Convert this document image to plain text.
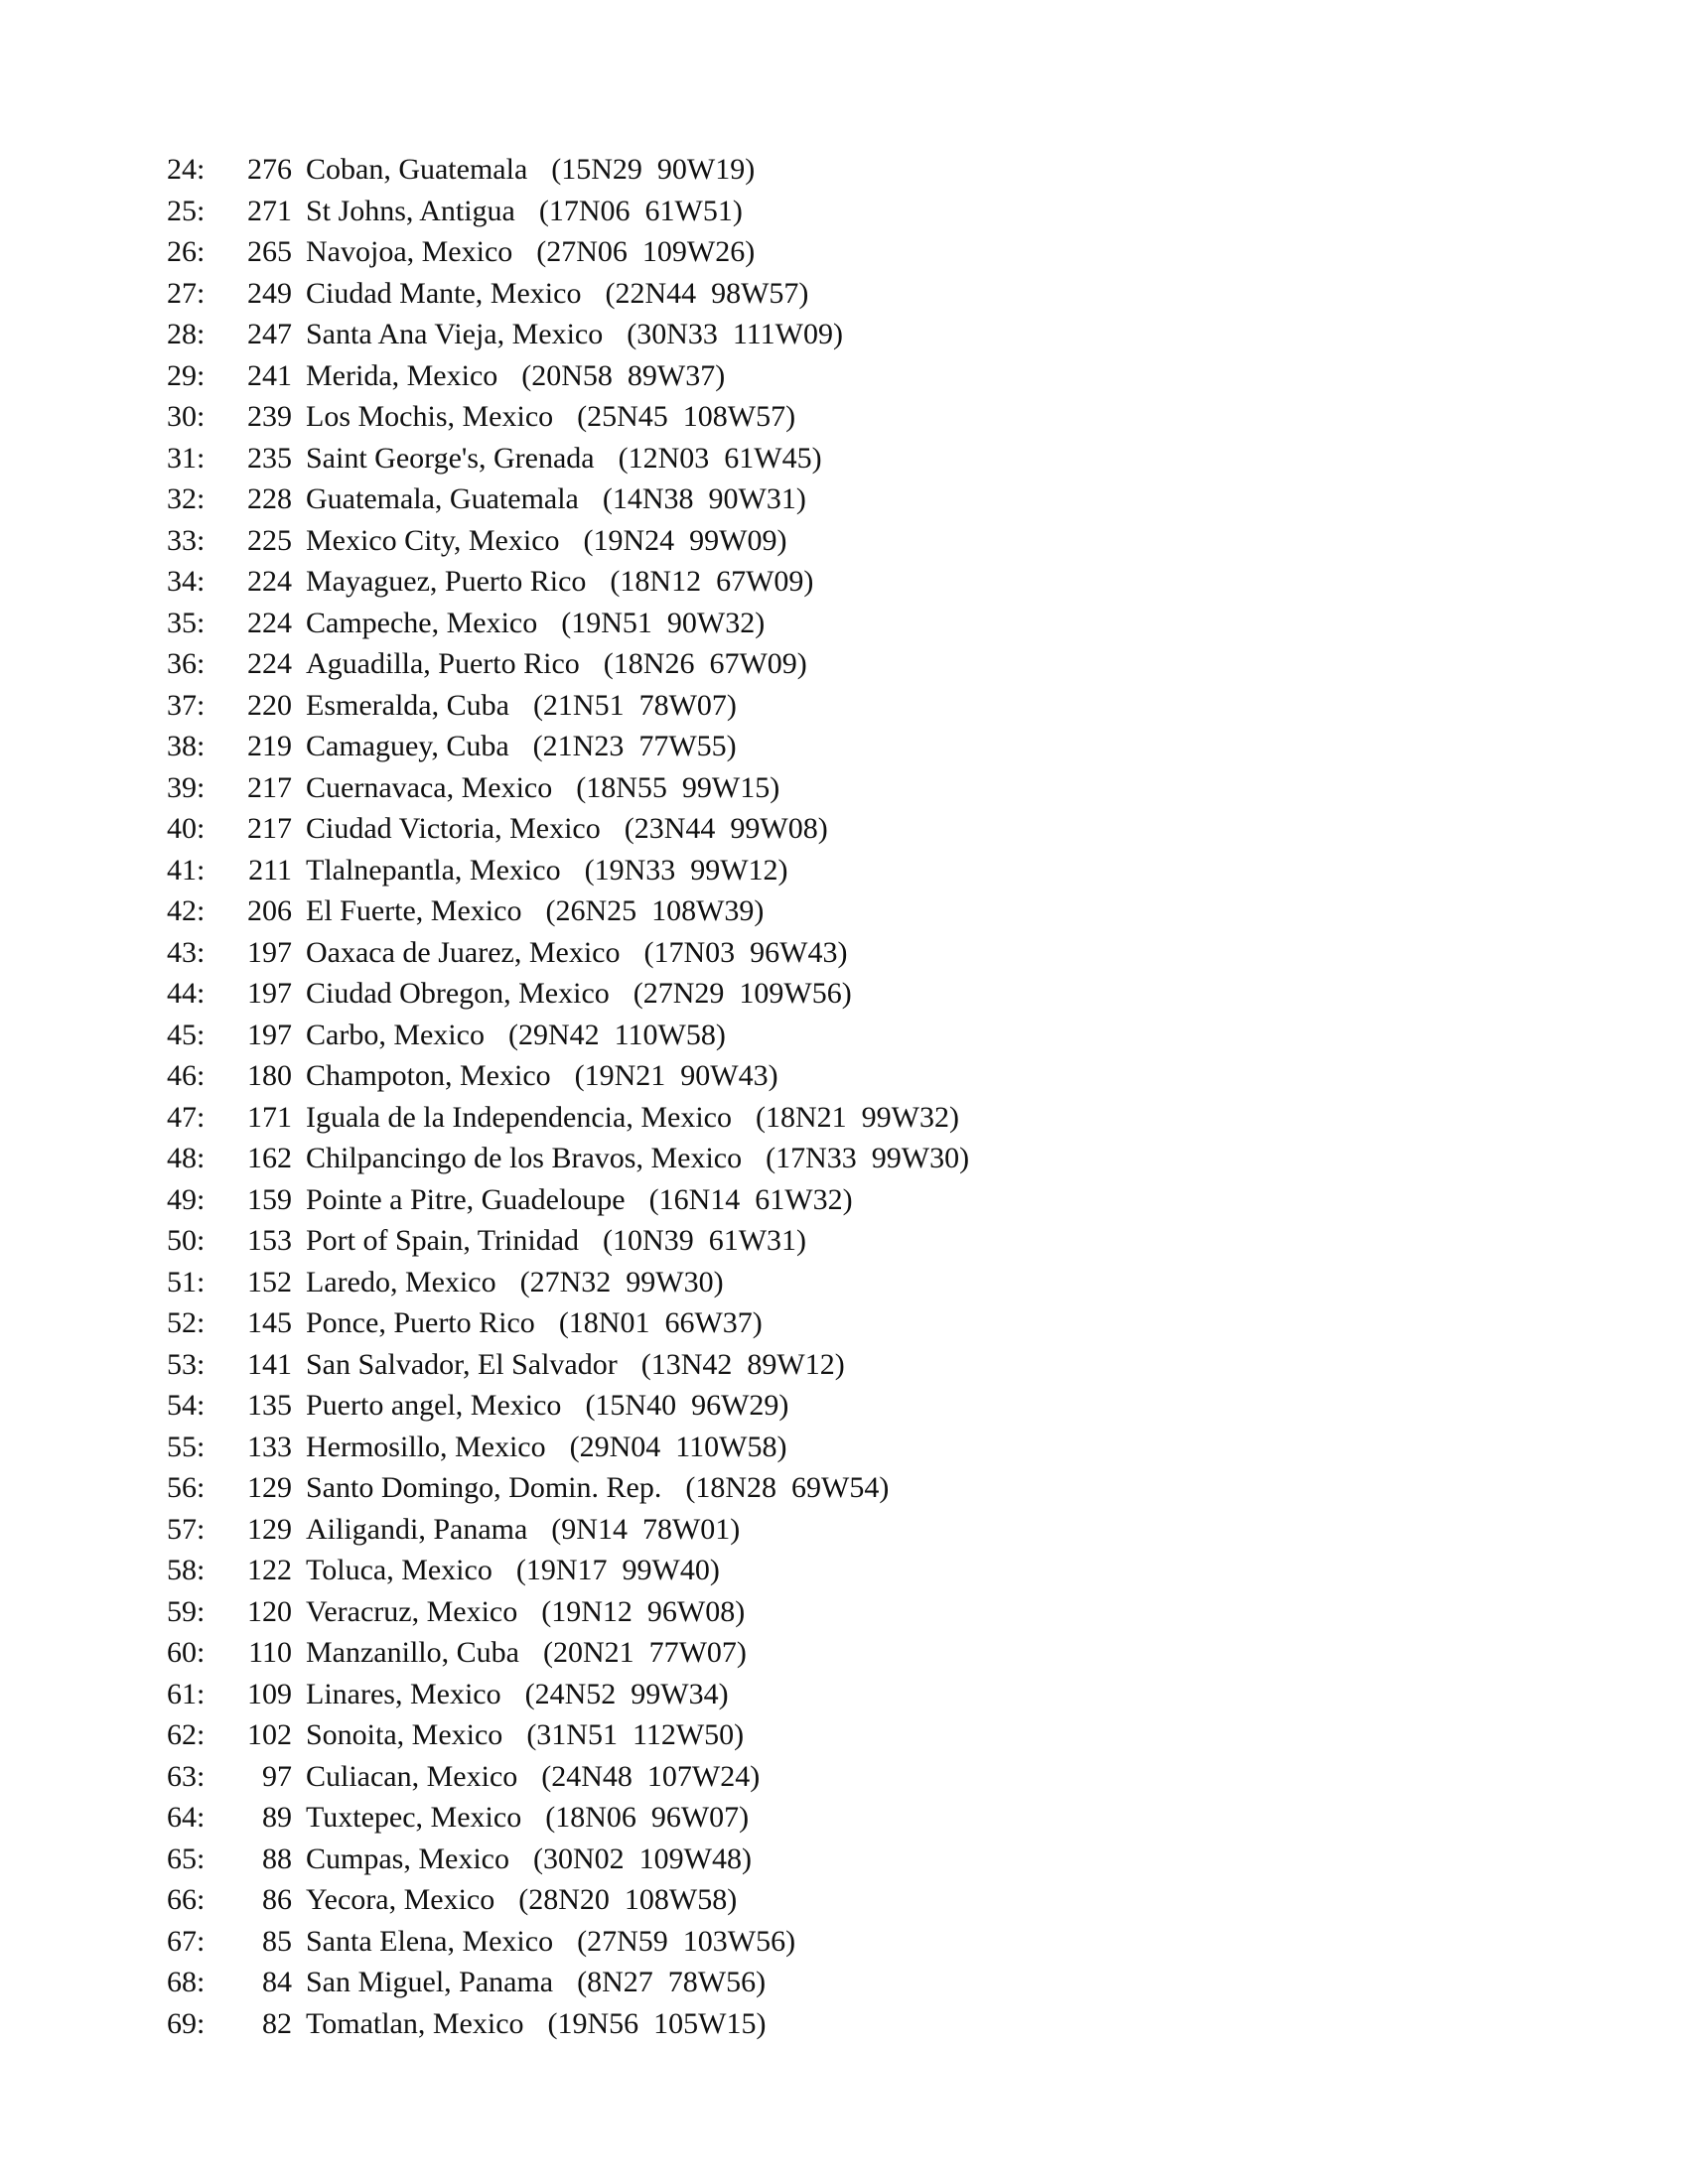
24: 276 Coban, Guatemala (15N29  90W19)
25: 271 St Johns, Antigua (17N06  61W51)
26: 265 Navojoa, Mexico (27N06  109W26)
27: 249 Ciudad Mante, Mexico (22N44  98W57)
28: 247 Santa Ana Vieja, Mexico (30N33  111W09)
29: 241 Merida, Mexico (20N58  89W37)
30: 239 Los Mochis, Mexico (25N45  108W57)
31: 235 Saint George's, Grenada (12N03  61W45)
32: 228 Guatemala, Guatemala (14N38  90W31)
33: 225 Mexico City, Mexico (19N24  99W09)
34: 224 Mayaguez, Puerto Rico (18N12  67W09)
35: 224 Campeche, Mexico (19N51  90W32)
36: 224 Aguadilla, Puerto Rico (18N26  67W09)
37: 220 Esmeralda, Cuba (21N51  78W07)
38: 219 Camaguey, Cuba (21N23  77W55)
39: 217 Cuernavaca, Mexico (18N55  99W15)
40: 217 Ciudad Victoria, Mexico (23N44  99W08)
41: 211 Tlalnepantla, Mexico (19N33  99W12)
42: 206 El Fuerte, Mexico (26N25  108W39)
43: 197 Oaxaca de Juarez, Mexico (17N03  96W43)
44: 197 Ciudad Obregon, Mexico (27N29  109W56)
45: 197 Carbo, Mexico (29N42  110W58)
46: 180 Champoton, Mexico (19N21  90W43)
47: 171 Iguala de la Independencia, Mexico (18N21  99W32)
48: 162 Chilpancingo de los Bravos, Mexico (17N33  99W30)
49: 159 Pointe a Pitre, Guadeloupe (16N14  61W32)
50: 153 Port of Spain, Trinidad (10N39  61W31)
51: 152 Laredo, Mexico (27N32  99W30)
52: 145 Ponce, Puerto Rico (18N01  66W37)
53: 141 San Salvador, El Salvador (13N42  89W12)
54: 135 Puerto angel, Mexico (15N40  96W29)
55: 133 Hermosillo, Mexico (29N04  110W58)
56: 129 Santo Domingo, Domin. Rep. (18N28  69W54)
57: 129 Ailigandi, Panama (9N14  78W01)
58: 122 Toluca, Mexico (19N17  99W40)
59: 120 Veracruz, Mexico (19N12  96W08)
60: 110 Manzanillo, Cuba (20N21  77W07)
61: 109 Linares, Mexico (24N52  99W34)
62: 102 Sonoita, Mexico (31N51  112W50)
63: 97 Culiacan, Mexico (24N48  107W24)
64: 89 Tuxtepec, Mexico (18N06  96W07)
65: 88 Cumpas, Mexico (30N02  109W48)
66: 86 Yecora, Mexico (28N20  108W58)
67: 85 Santa Elena, Mexico (27N59  103W56)
68: 84 San Miguel, Panama (8N27  78W56)
69: 82 Tomatlan, Mexico (19N56  105W15)
